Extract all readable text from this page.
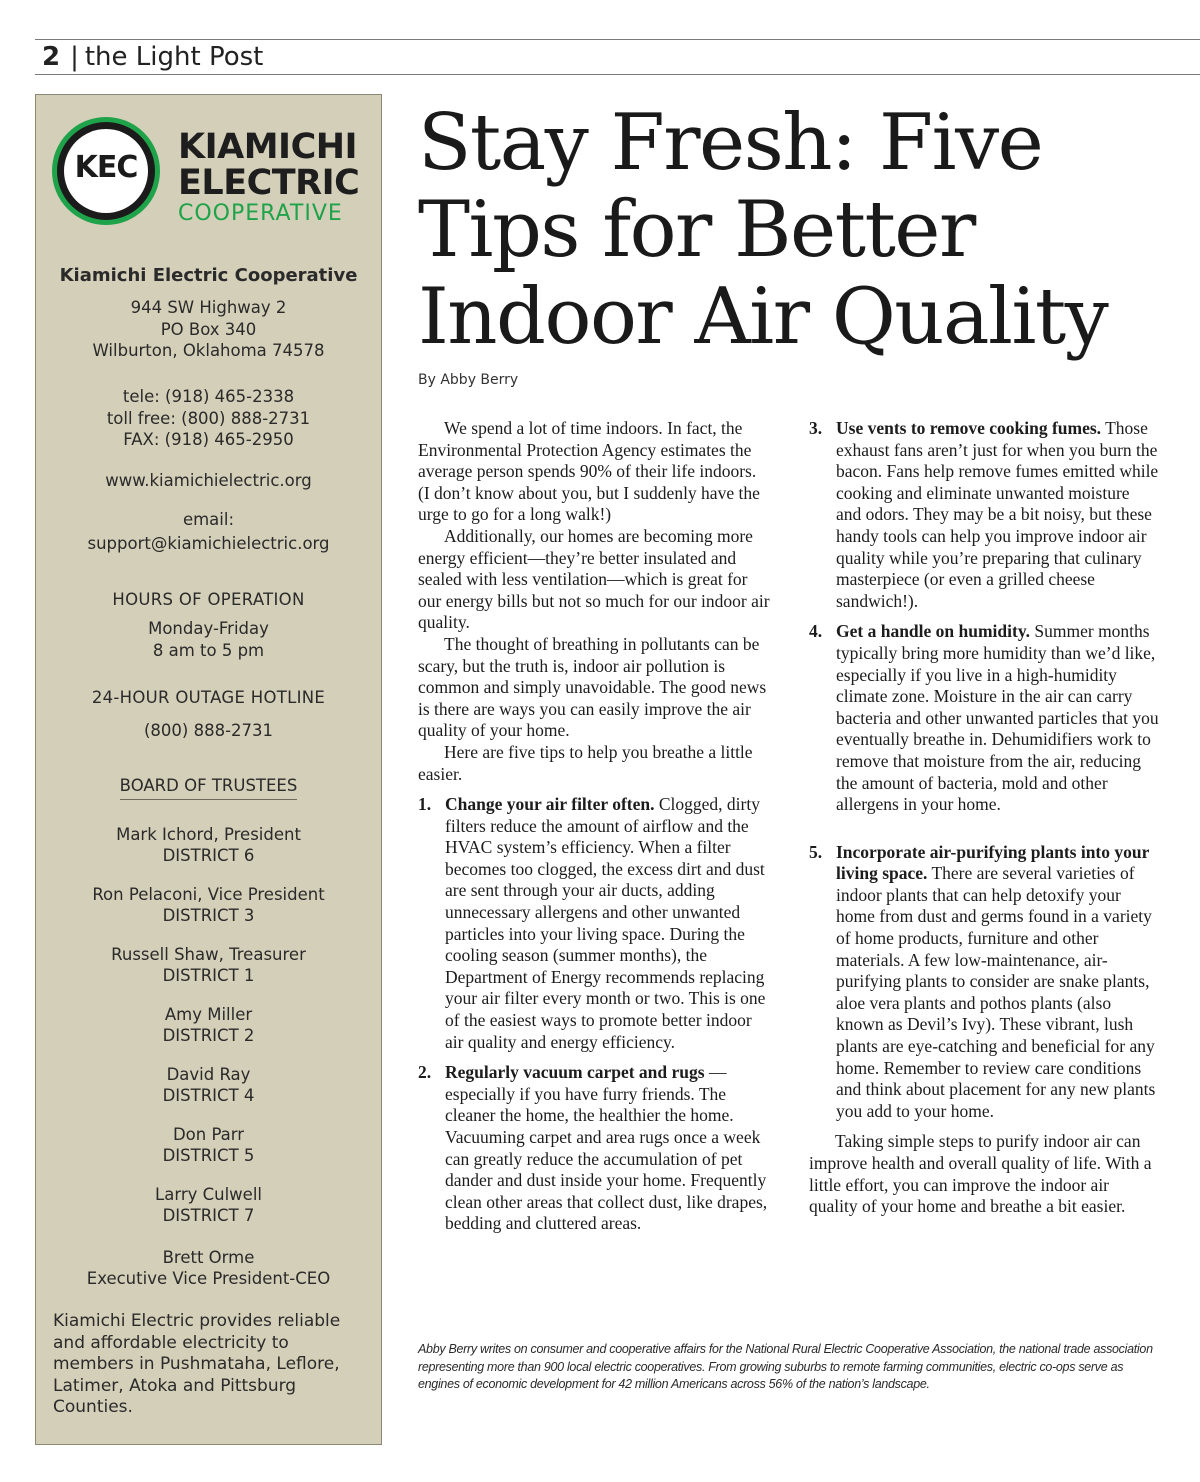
2 | the Light Post
KEC
KIAMICHI
ELECTRIC
COOPERATIVE
Kiamichi Electric Cooperative
944 SW Highway 2
PO Box 340
Wilburton, Oklahoma 74578
tele: (918) 465-2338
toll free: (800) 888-2731
FAX: (918) 465-2950
www.kiamichielectric.org
email:
support@kiamichielectric.org
HOURS OF OPERATION
Monday-Friday
8 am to 5 pm
24-HOUR OUTAGE HOTLINE
(800) 888-2731
BOARD OF TRUSTEES
Mark Ichord, President
DISTRICT 6
Ron Pelaconi, Vice President
DISTRICT 3
Russell Shaw, Treasurer
DISTRICT 1
Amy Miller
DISTRICT 2
David Ray
DISTRICT 4
Don Parr
DISTRICT 5
Larry Culwell
DISTRICT 7
Brett Orme
Executive Vice President-CEO
Kiamichi Electric provides reliable and affordable electricity to members in Pushmataha, Leflore, Latimer, Atoka and Pittsburg Counties.
Stay Fresh: Five Tips for Better Indoor Air Quality
By Abby Berry

We spend a lot of time indoors. In fact, the Environmental Protection Agency estimates the average person spends 90% of their life indoors. (I don’t know about you, but I suddenly have the urge to go for a long walk!)

Additionally, our homes are becoming more energy efficient––they’re better insulated and sealed with less ventilation––which is great for our energy bills but not so much for our indoor air quality.

The thought of breathing in pollutants can be scary, but the truth is, indoor air pollution is common and simply unavoidable. The good news is there are ways you can easily improve the air quality of your home.

Here are five tips to help you breathe a little easier.

1. Change your air filter often. Clogged, dirty filters reduce the amount of airflow and the HVAC system’s efficiency. When a filter becomes too clogged, the excess dirt and dust are sent through your air ducts, adding unnecessary allergens and other unwanted particles into your living space. During the cooling season (summer months), the Department of Energy recommends replacing your air filter every month or two. This is one of the easiest ways to promote better indoor air quality and energy efficiency.

2. Regularly vacuum carpet and rugs —especially if you have furry friends. The cleaner the home, the healthier the home. Vacuuming carpet and area rugs once a week can greatly reduce the accumulation of pet dander and dust inside your home. Frequently clean other areas that collect dust, like drapes, bedding and cluttered areas.

3. Use vents to remove cooking fumes. Those exhaust fans aren’t just for when you burn the bacon. Fans help remove fumes emitted while cooking and eliminate unwanted moisture and odors. They may be a bit noisy, but these handy tools can help you improve indoor air quality while you’re preparing that culinary masterpiece (or even a grilled cheese sandwich!).

4. Get a handle on humidity. Summer months typically bring more humidity than we’d like, especially if you live in a high-humidity climate zone. Moisture in the air can carry bacteria and other unwanted particles that you eventually breathe in. Dehumidifiers work to remove that moisture from the air, reducing the amount of bacteria, mold and other allergens in your home.

5. Incorporate air-purifying plants into your living space. There are several varieties of indoor plants that can help detoxify your home from dust and germs found in a variety of home products, furniture and other materials. A few low-maintenance, air-purifying plants to consider are snake plants, aloe vera plants and pothos plants (also known as Devil’s Ivy). These vibrant, lush plants are eye-catching and beneficial for any home. Remember to review care conditions and think about placement for any new plants you add to your home.

Taking simple steps to purify indoor air can improve health and overall quality of life. With a little effort, you can improve the indoor air quality of your home and breathe a bit easier.

Abby Berry writes on consumer and cooperative affairs for the National Rural Electric Cooperative Association, the national trade association representing more than 900 local electric cooperatives. From growing suburbs to remote farming communities, electric co-ops serve as engines of economic development for 42 million Americans across 56% of the nation’s landscape.
